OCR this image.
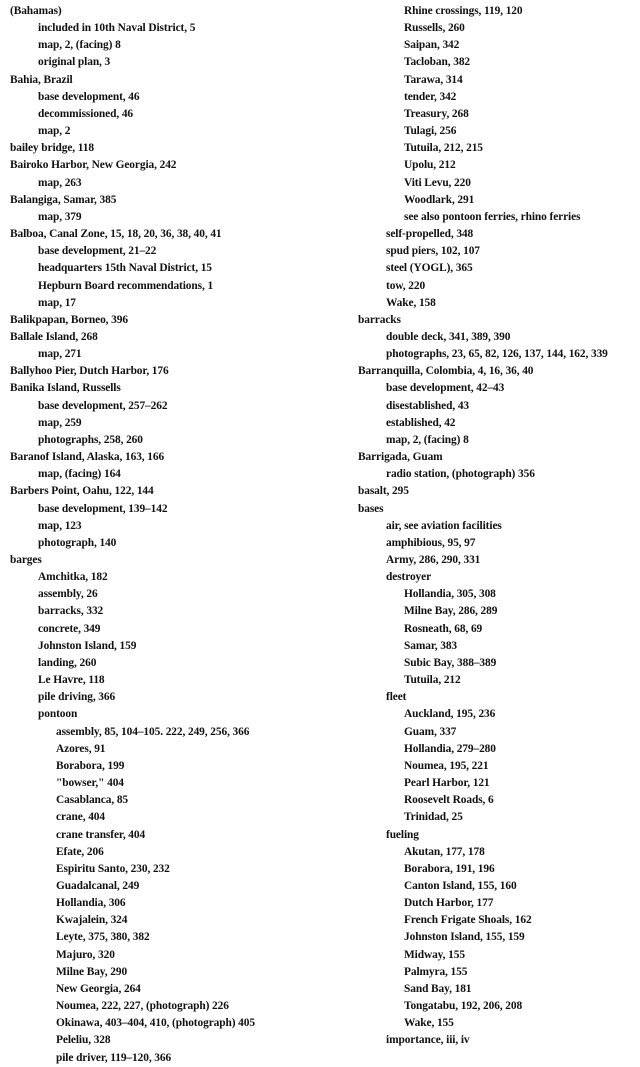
(Bahamas)
included in 10th Naval District, 5
map, 2, (facing) 8
original plan, 3
Bahia, Brazil
base development, 46
decommissioned, 46
map, 2
bailey bridge, 118
Bairoko Harbor, New Georgia, 242
map, 263
Balangiga, Samar, 385
map, 379
Balboa, Canal Zone, 15, 18, 20, 36, 38, 40, 41
base development, 21–22
headquarters 15th Naval District, 15
Hepburn Board recommendations, 1
map, 17
Balikpapan, Borneo, 396
Ballale Island, 268
map, 271
Ballyhoo Pier, Dutch Harbor, 176
Banika Island, Russells
base development, 257–262
map, 259
photographs, 258, 260
Baranof Island, Alaska, 163, 166
map, (facing) 164
Barbers Point, Oahu, 122, 144
base development, 139–142
map, 123
photograph, 140
barges
Amchitka, 182
assembly, 26
barracks, 332
concrete, 349
Johnston Island, 159
landing, 260
Le Havre, 118
pile driving, 366
pontoon
assembly, 85, 104–105. 222, 249, 256, 366
Azores, 91
Borabora, 199
"bowser," 404
Casablanca, 85
crane, 404
crane transfer, 404
Efate, 206
Espiritu Santo, 230, 232
Guadalcanal, 249
Hollandia, 306
Kwajalein, 324
Leyte, 375, 380, 382
Majuro, 320
Milne Bay, 290
New Georgia, 264
Noumea, 222, 227, (photograph) 226
Okinawa, 403–404, 410, (photograph) 405
Peleliu, 328
pile driver, 119–120, 366
Rhine crossings, 119, 120
Russells, 260
Saipan, 342
Tacloban, 382
Tarawa, 314
tender, 342
Treasury, 268
Tulagi, 256
Tutuila, 212, 215
Upolu, 212
Viti Levu, 220
Woodlark, 291
see also pontoon ferries, rhino ferries
self-propelled, 348
spud piers, 102, 107
steel (YOGL), 365
tow, 220
Wake, 158
barracks
double deck, 341, 389, 390
photographs, 23, 65, 82, 126, 137, 144, 162, 339
Barranquilla, Colombia, 4, 16, 36, 40
base development, 42–43
disestablished, 43
established, 42
map, 2, (facing) 8
Barrigada, Guam
radio station, (photograph) 356
basalt, 295
bases
air, see aviation facilities
amphibious, 95, 97
Army, 286, 290, 331
destroyer
Hollandia, 305, 308
Milne Bay, 286, 289
Rosneath, 68, 69
Samar, 383
Subic Bay, 388–389
Tutuila, 212
fleet
Auckland, 195, 236
Guam, 337
Hollandia, 279–280
Noumea, 195, 221
Pearl Harbor, 121
Roosevelt Roads, 6
Trinidad, 25
fueling
Akutan, 177, 178
Borabora, 191, 196
Canton Island, 155, 160
Dutch Harbor, 177
French Frigate Shoals, 162
Johnston Island, 155, 159
Midway, 155
Palmyra, 155
Sand Bay, 181
Tongatabu, 192, 206, 208
Wake, 155
importance, iii, iv
